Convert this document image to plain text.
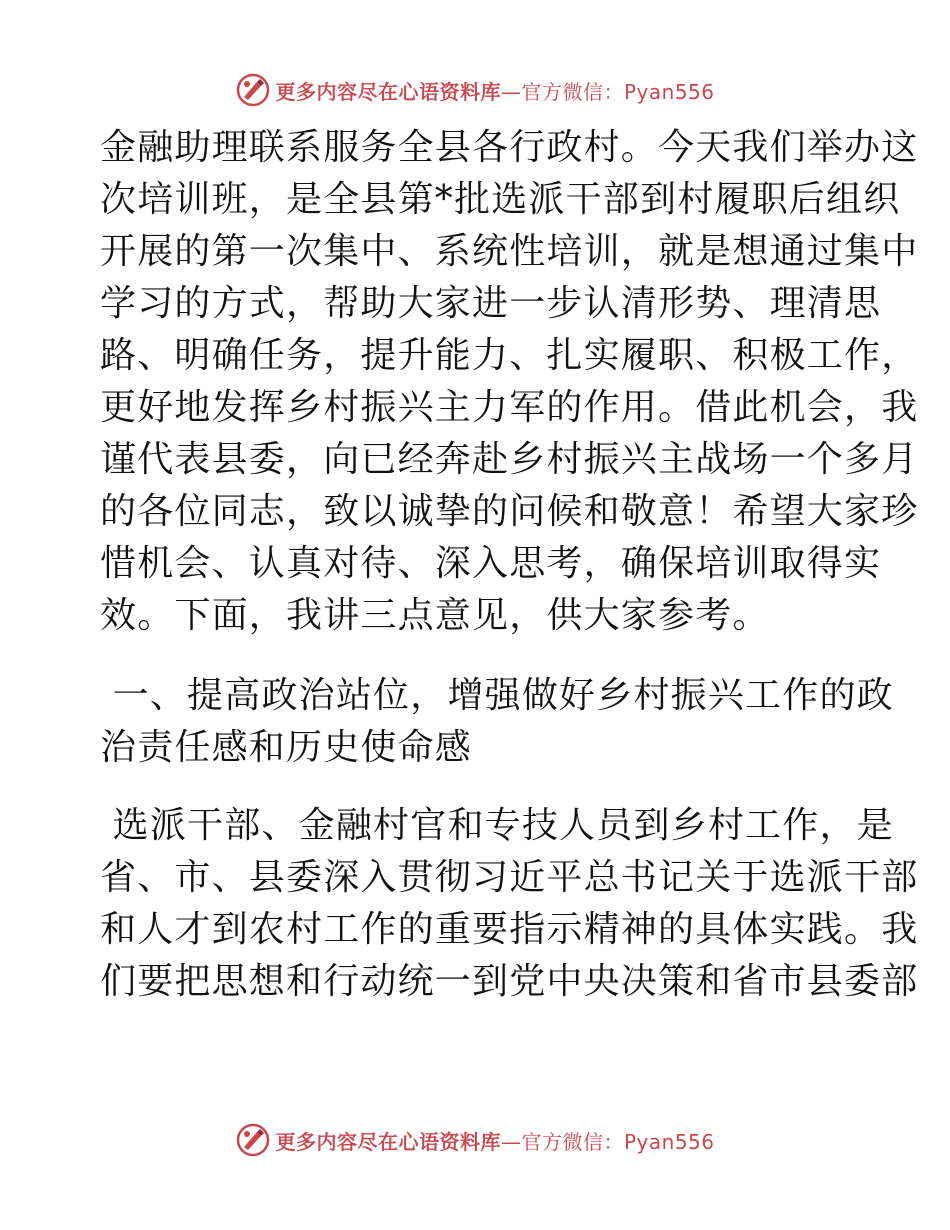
更多内容尽在心语资料库—官方微信：Pyan556

金融助理联系服务全县各行政村。今天我们举办这
次培训班，是全县第*批选派干部到村履职后组织
开展的第一次集中、系统性培训，就是想通过集中
学习的方式，帮助大家进一步认清形势、理清思
路、明确任务，提升能力、扎实履职、积极工作，
更好地发挥乡村振兴主力军的作用。借此机会，我
谨代表县委，向已经奔赴乡村振兴主战场一个多月
的各位同志，致以诚挚的问候和敬意！希望大家珍
惜机会、认真对待、深入思考，确保培训取得实
效。下面，我讲三点意见，供大家参考。

一、提高政治站位，增强做好乡村振兴工作的政
治责任感和历史使命感

选派干部、金融村官和专技人员到乡村工作，是
省、市、县委深入贯彻习近平总书记关于选派干部
和人才到农村工作的重要指示精神的具体实践。我
们要把思想和行动统一到党中央决策和省市县委部

更多内容尽在心语资料库—官方微信：Pyan556
